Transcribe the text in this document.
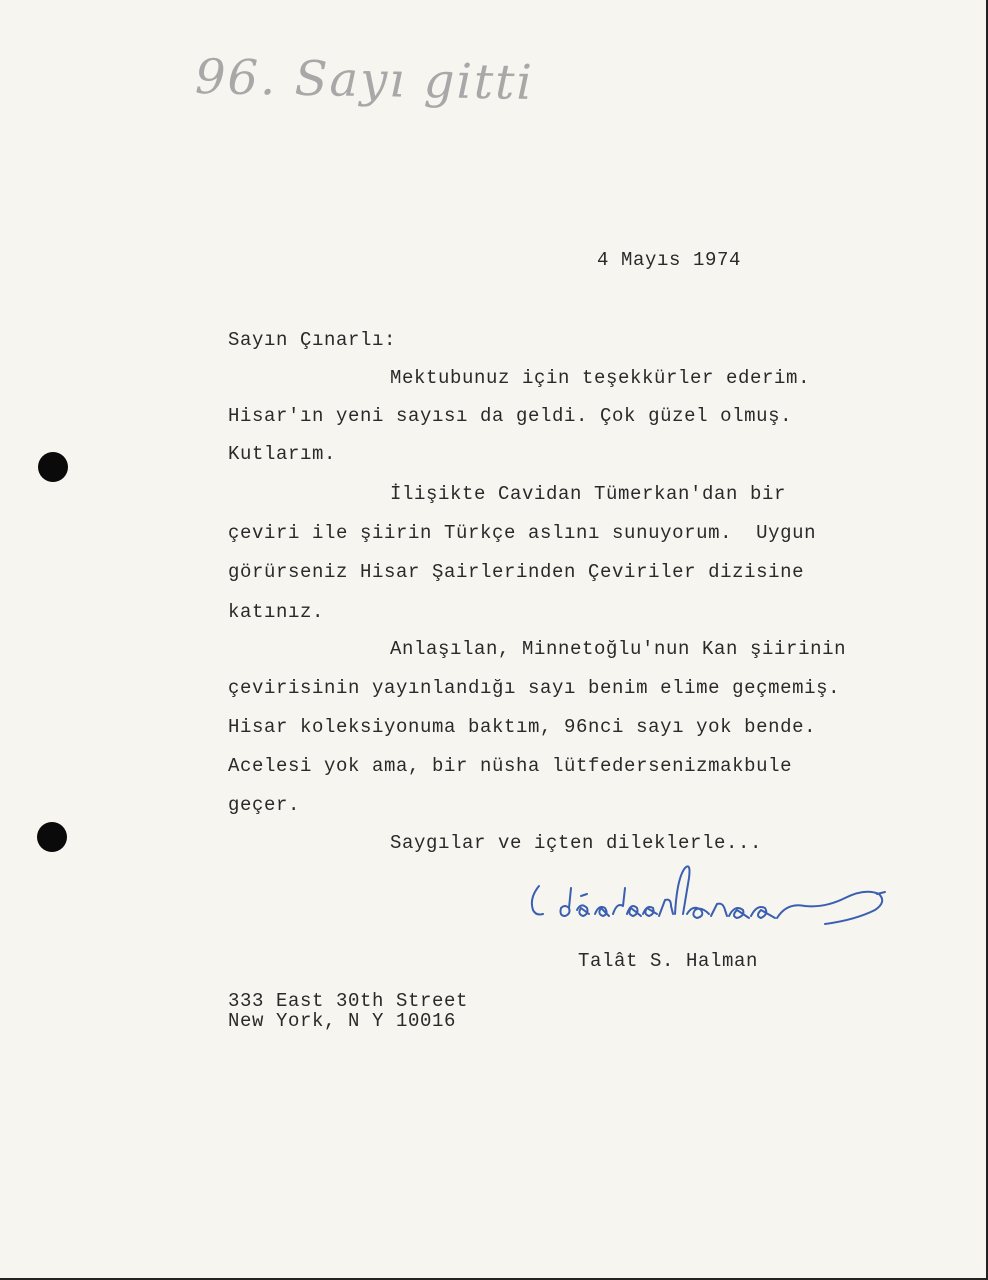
96. Sayı gitti
4 Mayıs 1974
Sayın Çınarlı:
Mektubunuz için teşekkürler ederim.
Hisar'ın yeni sayısı da geldi. Çok güzel olmuş.
Kutlarım.
İlişikte Cavidan Tümerkan'dan bir
çeviri ile şiirin Türkçe aslını sunuyorum.  Uygun
görürseniz Hisar Şairlerinden Çeviriler dizisine
katınız.
Anlaşılan, Minnetoğlu'nun Kan şiirinin
çevirisinin yayınlandığı sayı benim elime geçmemiş.
Hisar koleksiyonuma baktım, 96nci sayı yok bende.
Acelesi yok ama, bir nüsha lütfedersenizmakbule
geçer.
Saygılar ve içten dileklerle...
Talât S. Halman
333 East 30th Street
New York, N Y 10016
